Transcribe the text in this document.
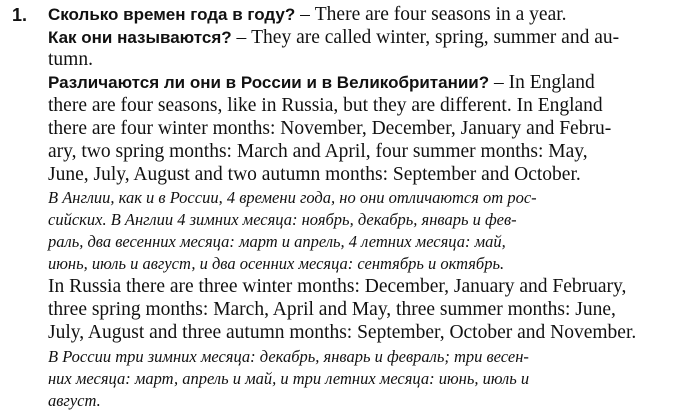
1. Сколько времен года в году? – There are four seasons in a year.
Как они называются? – They are called winter, spring, summer and au-
tumn.
Различаются ли они в России и в Великобритании? – In England
there are four seasons, like in Russia, but they are different. In England
there are four winter months: November, December, January and Febru-
ary, two spring months: March and April, four summer months: May,
June, July, August and two autumn months: September and October.
В Англии, как и в России, 4 времени года, но они отличаются от рос-
сийских. В Англии 4 зимних месяца: ноябрь, декабрь, январь и фев-
раль, два весенних месяца: март и апрель, 4 летних месяца: май,
июнь, июль и август, и два осенних месяца: сентябрь и октябрь.
In Russia there are three winter months: December, January and February,
three spring months: March, April and May, three summer months: June,
July, August and three autumn months: September, October and November.
В России три зимних месяца: декабрь, январь и февраль; три весен-
них месяца: март, апрель и май, и три летних месяца: июнь, июль и
август.
